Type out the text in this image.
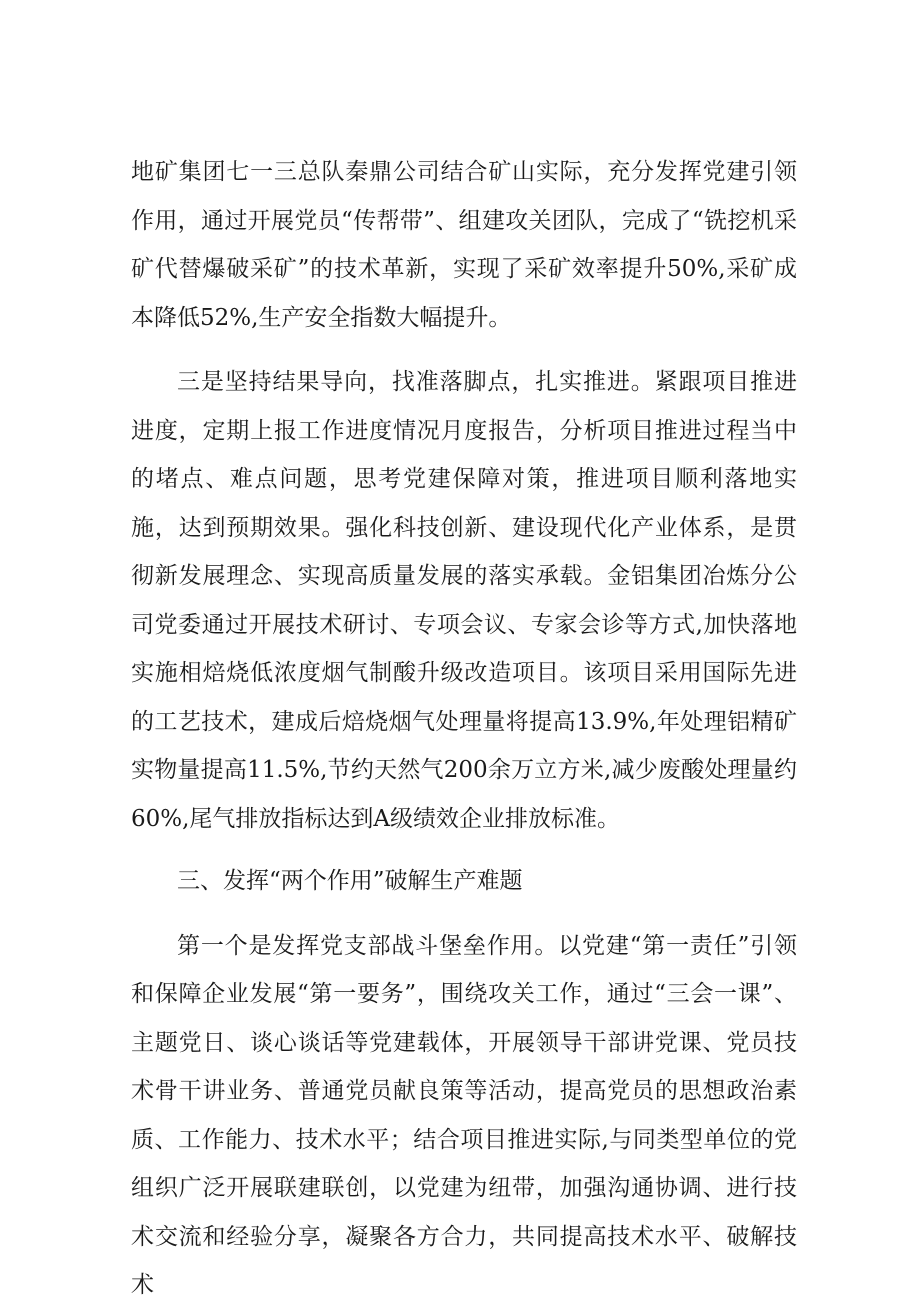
地矿集团七一三总队秦鼎公司结合矿山实际，充分发挥党建引领作用，通过开展党员“传帮带”、组建攻关团队，完成了“铣挖机采矿代替爆破采矿”的技术革新，实现了采矿效率提升50%,采矿成本降低52%,生产安全指数大幅提升。

三是坚持结果导向，找准落脚点，扎实推进。紧跟项目推进进度，定期上报工作进度情况月度报告，分析项目推进过程当中的堵点、难点问题，思考党建保障对策，推进项目顺利落地实施，达到预期效果。强化科技创新、建设现代化产业体系，是贯彻新发展理念、实现高质量发展的落实承载。金铝集团冶炼分公司党委通过开展技术研讨、专项会议、专家会诊等方式,加快落地实施相焙烧低浓度烟气制酸升级改造项目。该项目采用国际先进的工艺技术，建成后焙烧烟气处理量将提高13.9%,年处理铝精矿实物量提高11.5%,节约天然气200余万立方米,减少废酸处理量约60%,尾气排放指标达到A级绩效企业排放标准。

三、发挥“两个作用”破解生产难题

第一个是发挥党支部战斗堡垒作用。以党建“第一责任”引领和保障企业发展“第一要务”，围绕攻关工作，通过“三会一课”、主题党日、谈心谈话等党建载体，开展领导干部讲党课、党员技术骨干讲业务、普通党员献良策等活动，提高党员的思想政治素质、工作能力、技术水平；结合项目推进实际,与同类型单位的党组织广泛开展联建联创，以党建为纽带，加强沟通协调、进行技术交流和经验分享，凝聚各方合力，共同提高技术水平、破解技术
